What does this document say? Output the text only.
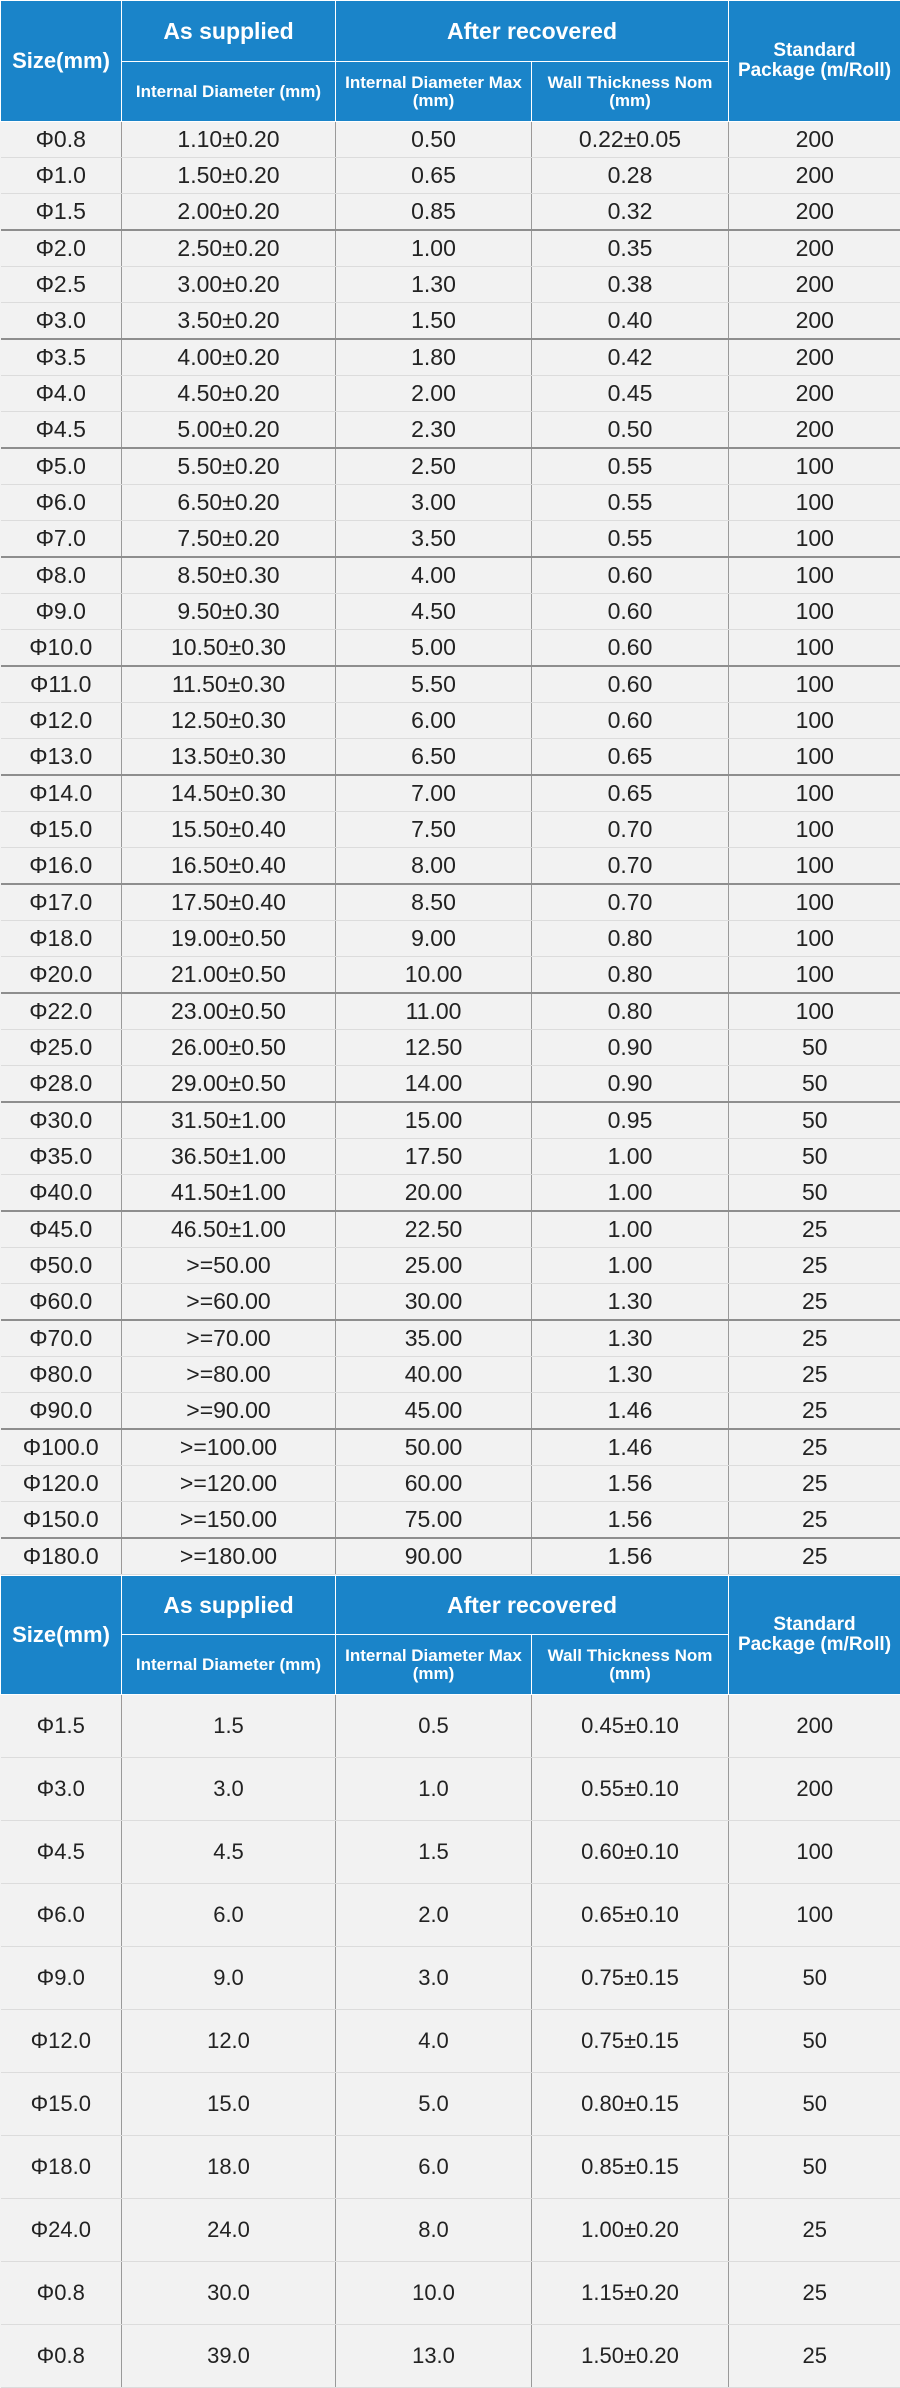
Size(mm)	As supplied	After recovered		Standard Package (m/Roll)
	Internal Diameter (mm)	Internal Diameter Max (mm)	Wall Thickness Nom (mm)	
Φ0.8	1.10±0.20	0.50	0.22±0.05	200
Φ1.0	1.50±0.20	0.65	0.28	200
Φ1.5	2.00±0.20	0.85	0.32	200
Φ2.0	2.50±0.20	1.00	0.35	200
Φ2.5	3.00±0.20	1.30	0.38	200
Φ3.0	3.50±0.20	1.50	0.40	200
Φ3.5	4.00±0.20	1.80	0.42	200
Φ4.0	4.50±0.20	2.00	0.45	200
Φ4.5	5.00±0.20	2.30	0.50	200
Φ5.0	5.50±0.20	2.50	0.55	100
Φ6.0	6.50±0.20	3.00	0.55	100
Φ7.0	7.50±0.20	3.50	0.55	100
Φ8.0	8.50±0.30	4.00	0.60	100
Φ9.0	9.50±0.30	4.50	0.60	100
Φ10.0	10.50±0.30	5.00	0.60	100
Φ11.0	11.50±0.30	5.50	0.60	100
Φ12.0	12.50±0.30	6.00	0.60	100
Φ13.0	13.50±0.30	6.50	0.65	100
Φ14.0	14.50±0.30	7.00	0.65	100
Φ15.0	15.50±0.40	7.50	0.70	100
Φ16.0	16.50±0.40	8.00	0.70	100
Φ17.0	17.50±0.40	8.50	0.70	100
Φ18.0	19.00±0.50	9.00	0.80	100
Φ20.0	21.00±0.50	10.00	0.80	100
Φ22.0	23.00±0.50	11.00	0.80	100
Φ25.0	26.00±0.50	12.50	0.90	50
Φ28.0	29.00±0.50	14.00	0.90	50
Φ30.0	31.50±1.00	15.00	0.95	50
Φ35.0	36.50±1.00	17.50	1.00	50
Φ40.0	41.50±1.00	20.00	1.00	50
Φ45.0	46.50±1.00	22.50	1.00	25
Φ50.0	>=50.00	25.00	1.00	25
Φ60.0	>=60.00	30.00	1.30	25
Φ70.0	>=70.00	35.00	1.30	25
Φ80.0	>=80.00	40.00	1.30	25
Φ90.0	>=90.00	45.00	1.46	25
Φ100.0	>=100.00	50.00	1.46	25
Φ120.0	>=120.00	60.00	1.56	25
Φ150.0	>=150.00	75.00	1.56	25
Φ180.0	>=180.00	90.00	1.56	25
Size(mm)	As supplied	After recovered		Standard Package (m/Roll)
	Internal Diameter (mm)	Internal Diameter Max (mm)	Wall Thickness Nom (mm)	
Φ1.5	1.5	0.5	0.45±0.10	200
Φ3.0	3.0	1.0	0.55±0.10	200
Φ4.5	4.5	1.5	0.60±0.10	100
Φ6.0	6.0	2.0	0.65±0.10	100
Φ9.0	9.0	3.0	0.75±0.15	50
Φ12.0	12.0	4.0	0.75±0.15	50
Φ15.0	15.0	5.0	0.80±0.15	50
Φ18.0	18.0	6.0	0.85±0.15	50
Φ24.0	24.0	8.0	1.00±0.20	25
Φ0.8	30.0	10.0	1.15±0.20	25
Φ0.8	39.0	13.0	1.50±0.20	25
